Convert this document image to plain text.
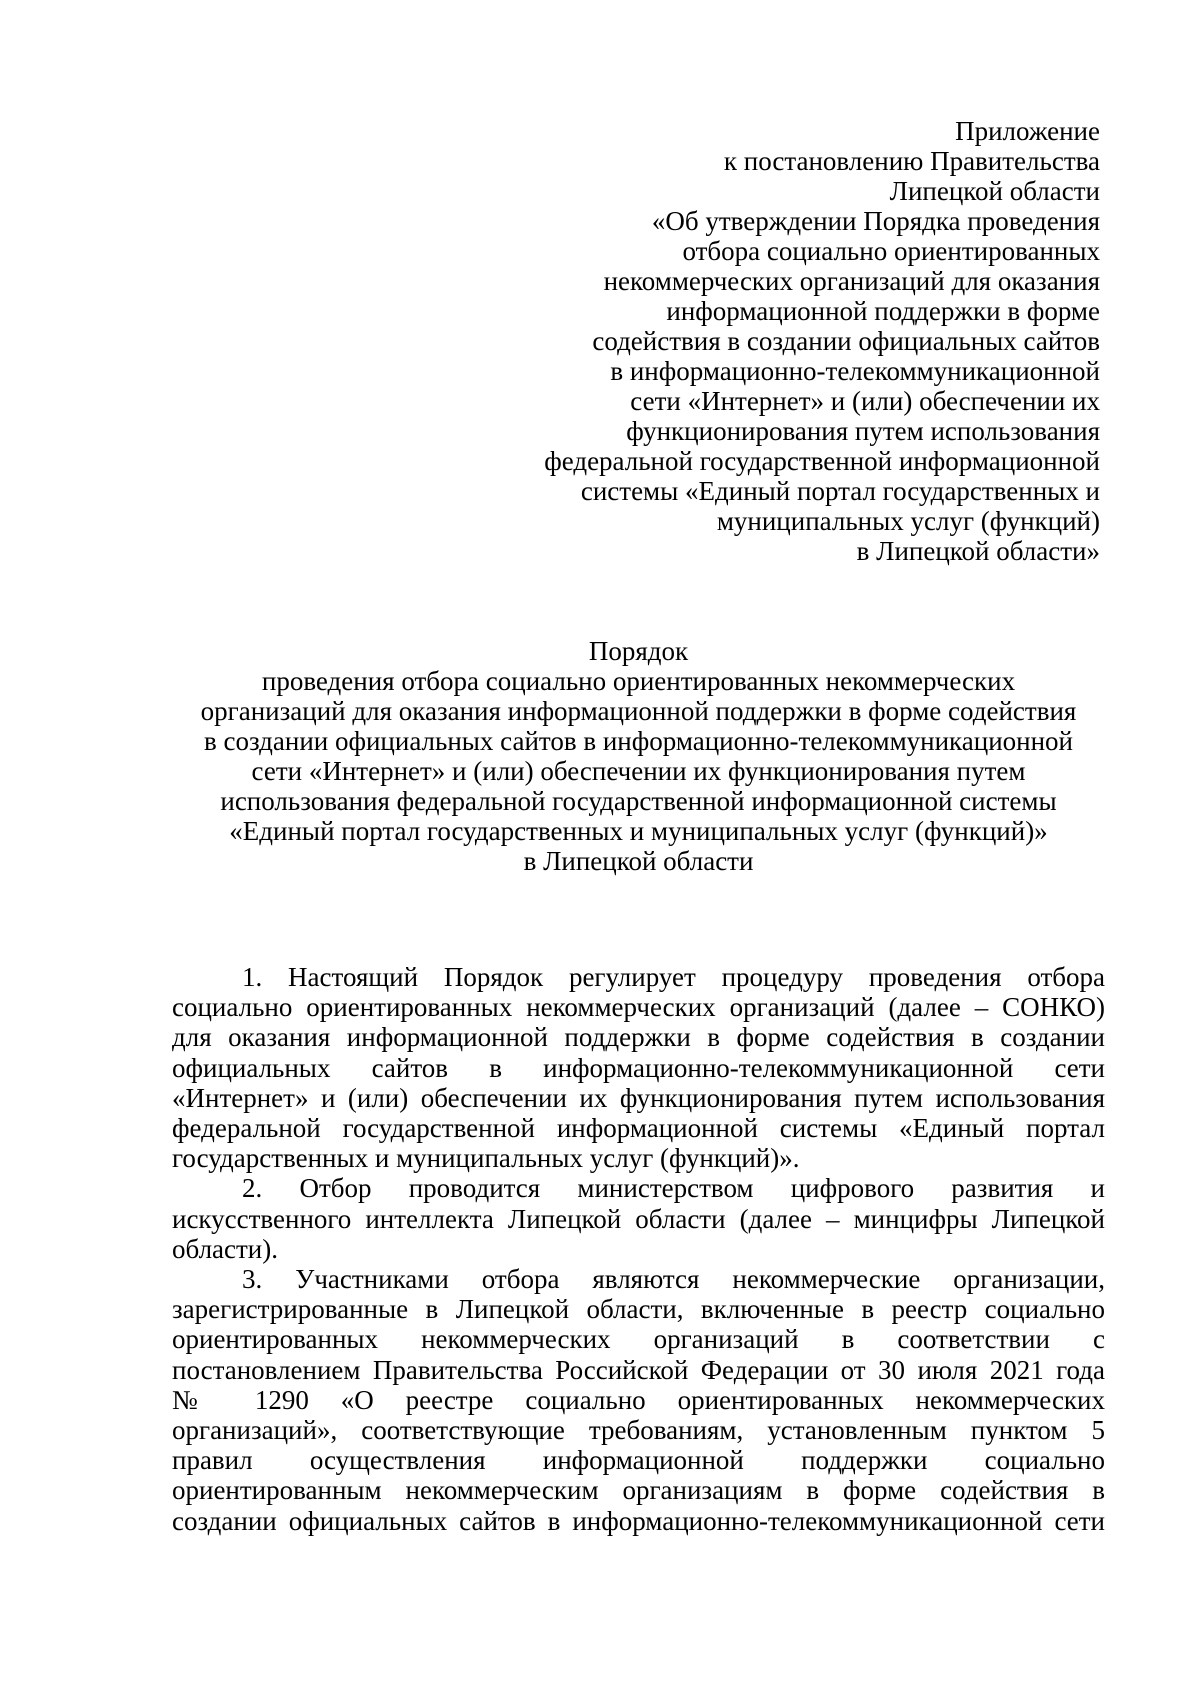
Приложение
к постановлению Правительства
Липецкой области
«Об утверждении Порядка проведения
отбора социально ориентированных
некоммерческих организаций для оказания
информационной поддержки в форме
содействия в создании официальных сайтов
в информационно-телекоммуникационной
сети «Интернет» и (или) обеспечении их
функционирования путем использования
федеральной государственной информационной
системы «Единый портал государственных и
муниципальных услуг (функций)
в Липецкой области»
Порядок
проведения отбора социально ориентированных некоммерческих
организаций для оказания информационной поддержки в форме содействия
в создании официальных сайтов в информационно-телекоммуникационной
сети «Интернет» и (или) обеспечении их функционирования путем
использования федеральной государственной информационной системы
«Единый портал государственных и муниципальных услуг (функций)»
в Липецкой области
1. Настоящий Порядок регулирует процедуру проведения отбора
социально ориентированных некоммерческих организаций (далее – СОНКО)
для оказания информационной поддержки в форме содействия в создании
официальных сайтов в информационно-телекоммуникационной сети
«Интернет» и (или) обеспечении их функционирования путем использования
федеральной государственной информационной системы «Единый портал
государственных и муниципальных услуг (функций)».
2. Отбор проводится министерством цифрового развития и
искусственного интеллекта Липецкой области (далее – минцифры Липецкой
области).
3. Участниками отбора являются некоммерческие организации,
зарегистрированные в Липецкой области, включенные в реестр социально
ориентированных некоммерческих организаций в соответствии с
постановлением Правительства Российской Федерации от 30 июля 2021 года
№ 1290 «О реестре социально ориентированных некоммерческих
организаций», соответствующие требованиям, установленным пунктом 5
правил осуществления информационной поддержки социально
ориентированным некоммерческим организациям в форме содействия в
создании официальных сайтов в информационно-телекоммуникационной сети
